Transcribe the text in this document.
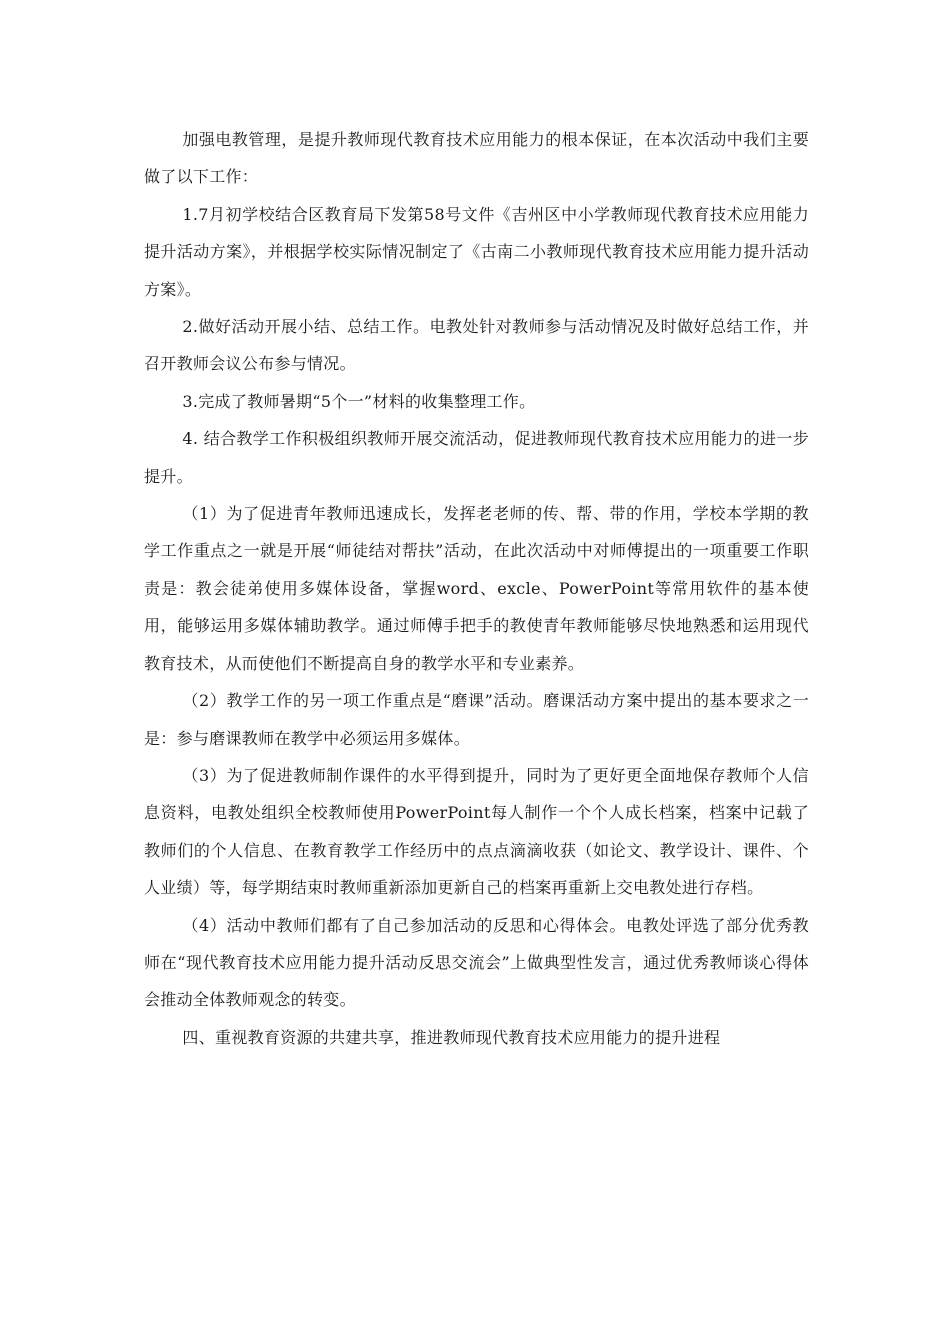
加强电教管理，是提升教师现代教育技术应用能力的根本保证，在本次活动中我们主要做了以下工作：

1.7月初学校结合区教育局下发第58号文件《吉州区中小学教师现代教育技术应用能力提升活动方案》，并根据学校实际情况制定了《古南二小教师现代教育技术应用能力提升活动方案》。

2.做好活动开展小结、总结工作。电教处针对教师参与活动情况及时做好总结工作，并召开教师会议公布参与情况。

3.完成了教师暑期“5个一”材料的收集整理工作。

4. 结合教学工作积极组织教师开展交流活动，促进教师现代教育技术应用能力的进一步提升。

（1）为了促进青年教师迅速成长，发挥老老师的传、帮、带的作用，学校本学期的教学工作重点之一就是开展“师徒结对帮扶”活动，在此次活动中对师傅提出的一项重要工作职责是：教会徒弟使用多媒体设备，掌握word、excle、PowerPoint等常用软件的基本使用，能够运用多媒体辅助教学。通过师傅手把手的教使青年教师能够尽快地熟悉和运用现代教育技术，从而使他们不断提高自身的教学水平和专业素养。

（2）教学工作的另一项工作重点是“磨课”活动。磨课活动方案中提出的基本要求之一是：参与磨课教师在教学中必须运用多媒体。

（3）为了促进教师制作课件的水平得到提升，同时为了更好更全面地保存教师个人信息资料，电教处组织全校教师使用PowerPoint每人制作一个个人成长档案，档案中记载了教师们的个人信息、在教育教学工作经历中的点点滴滴收获（如论文、教学设计、课件、个人业绩）等，每学期结束时教师重新添加更新自己的档案再重新上交电教处进行存档。

（4）活动中教师们都有了自己参加活动的反思和心得体会。电教处评选了部分优秀教师在“现代教育技术应用能力提升活动反思交流会”上做典型性发言，通过优秀教师谈心得体会推动全体教师观念的转变。

四、重视教育资源的共建共享，推进教师现代教育技术应用能力的提升进程
